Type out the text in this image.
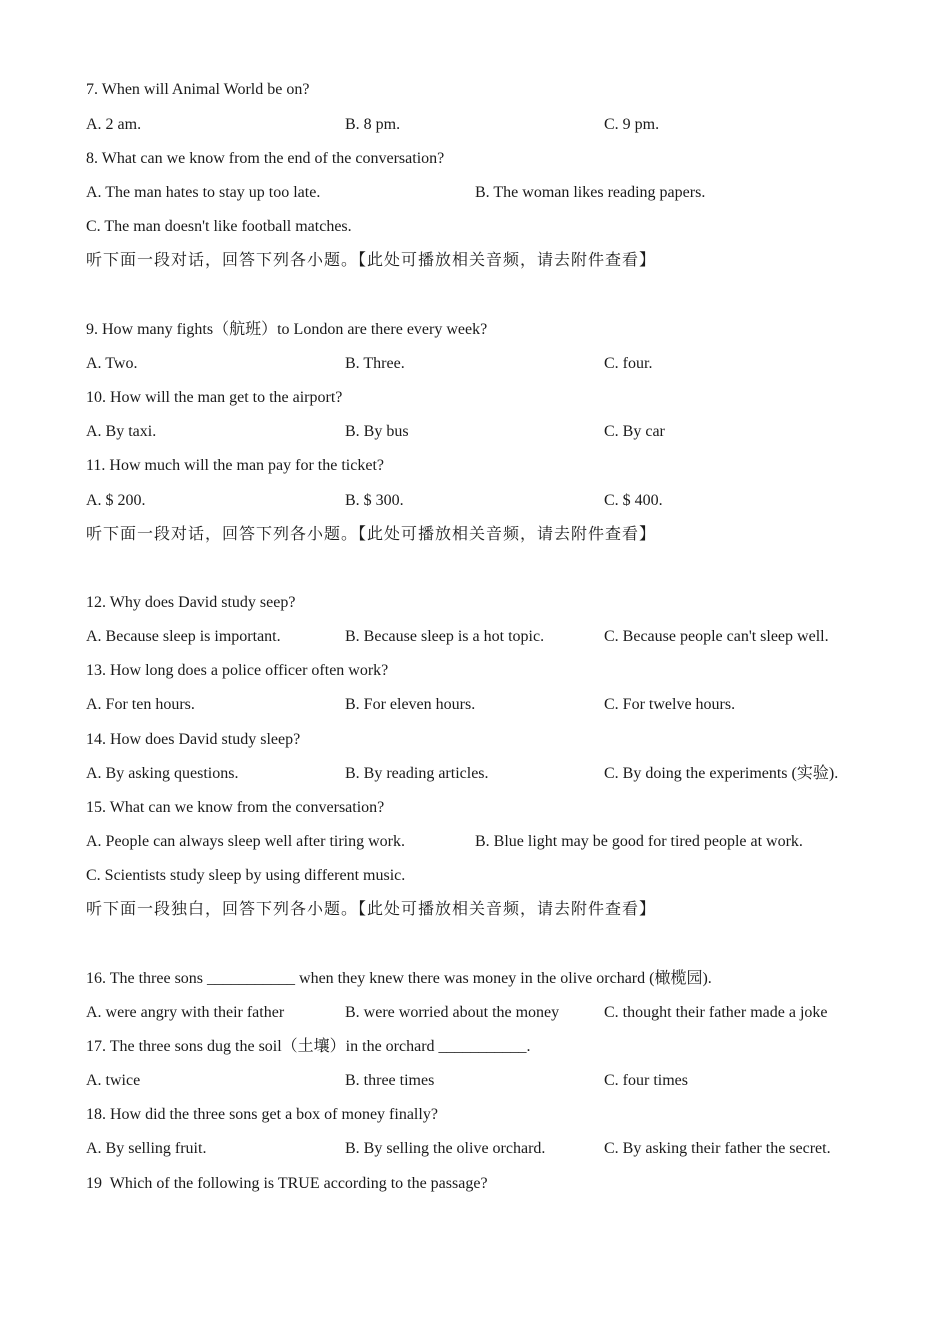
7. When will Animal World be on?
A. 2 am.	B. 8 pm.	C. 9 pm.
8. What can we know from the end of the conversation?
A. The man hates to stay up too late.	B. The woman likes reading papers.
C. The man doesn't like football matches.
听下面一段对话，回答下列各小题。【此处可播放相关音频，请去附件查看】
9. How many fights（航班）to London are there every week?
A. Two.	B. Three.	C. four.
10. How will the man get to the airport?
A. By taxi.	B. By bus	C. By car
11. How much will the man pay for the ticket?
A. $ 200.	B. $ 300.	C. $ 400.
听下面一段对话，回答下列各小题。【此处可播放相关音频，请去附件查看】
12. Why does David study seep?
A. Because sleep is important.	B. Because sleep is a hot topic.	C. Because people can't sleep well.
13. How long does a police officer often work?
A. For ten hours.	B. For eleven hours.	C. For twelve hours.
14. How does David study sleep?
A. By asking questions.	B. By reading articles.	C. By doing the experiments (实验).
15. What can we know from the conversation?
A. People can always sleep well after tiring work.	B. Blue light may be good for tired people at work.
C. Scientists study sleep by using different music.
听下面一段独白，回答下列各小题。【此处可播放相关音频，请去附件查看】
16. The three sons ___________ when they knew there was money in the olive orchard (橄榄园).
A. were angry with their father	B. were worried about the money	C. thought their father made a joke
17. The three sons dug the soil（土壤）in the orchard ___________.
A. twice	B. three times	C. four times
18. How did the three sons get a box of money finally?
A. By selling fruit.	B. By selling the olive orchard.	C. By asking their father the secret.
19  Which of the following is TRUE according to the passage?
